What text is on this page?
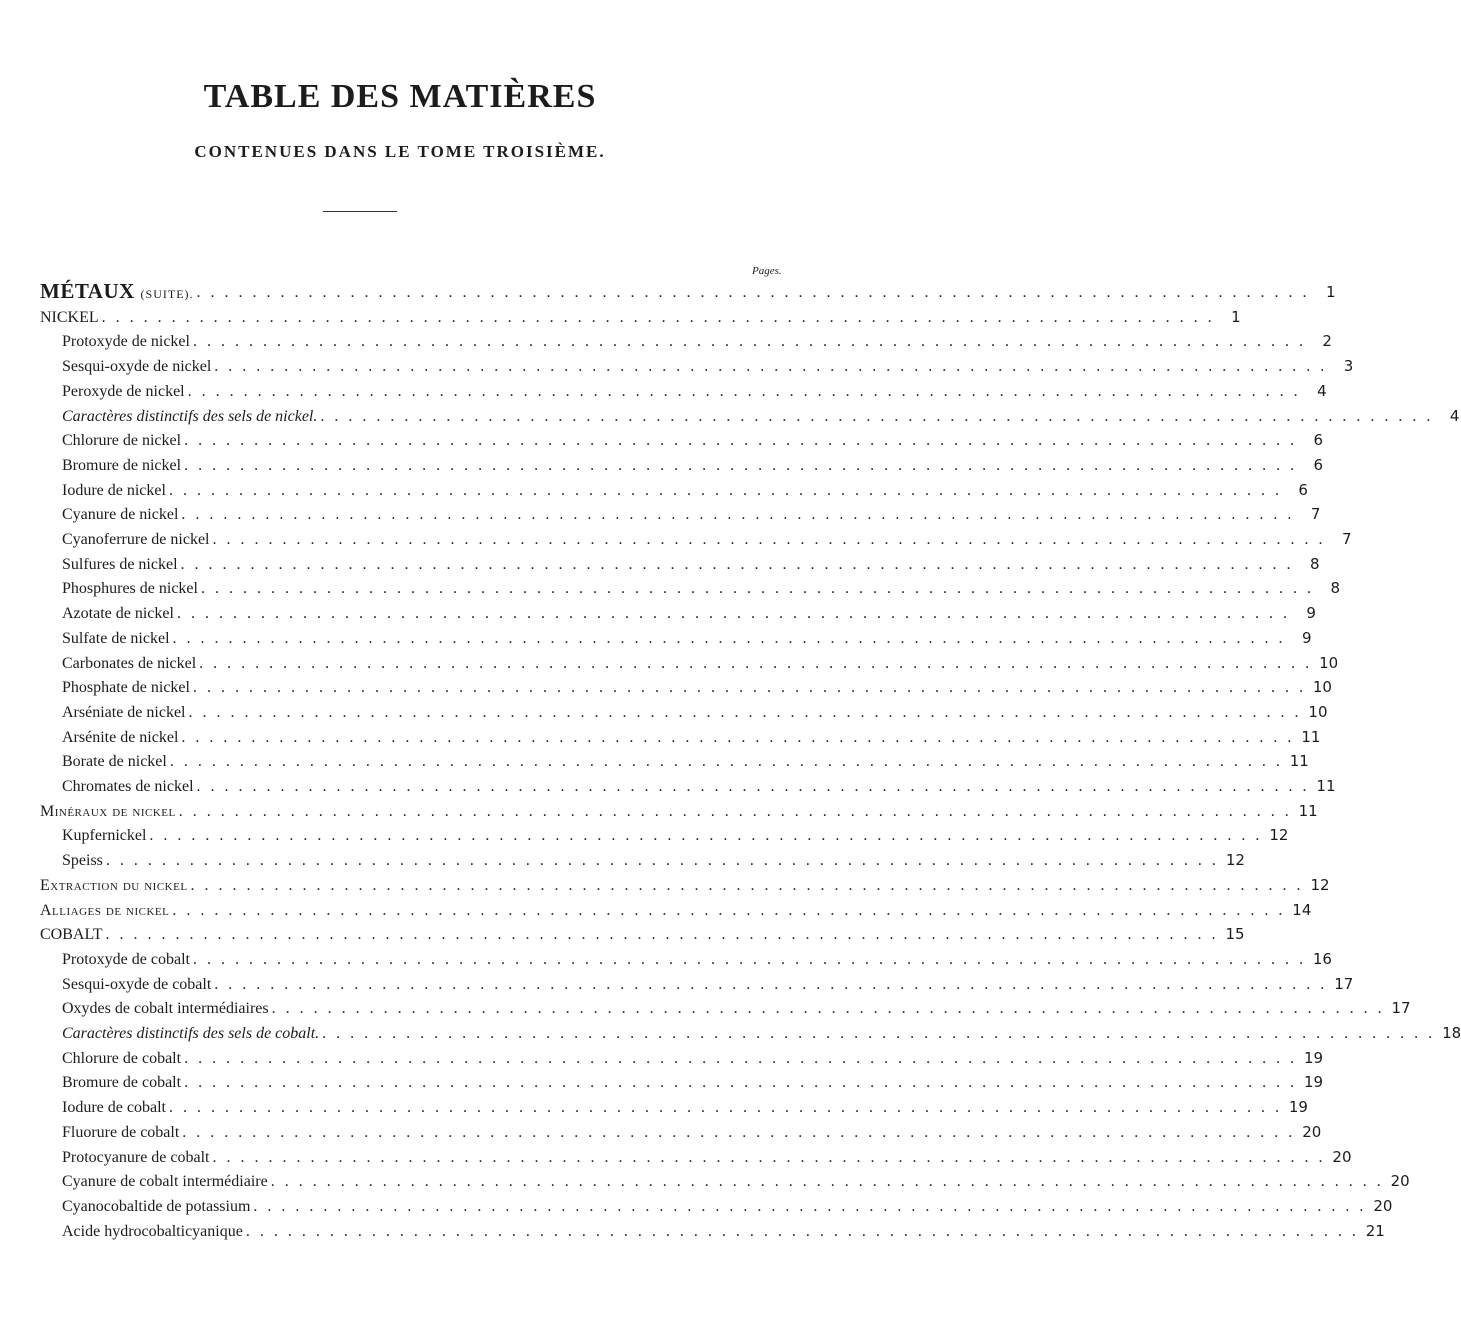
TABLE DES MATIÈRES
CONTENUES DANS LE TOME TROISIÈME.
Pages.
MÉTAUX (SUITE). . . . . . . . . . . . . . . . . . . . . . . . . . . . . . . . . . . . . . . . . . . . . . . . . . . . . . . . . . . . . . . . . . . . . . . . . . . . . . . . .	1
NICKEL . . . . . . . . . . . . . . . . . . . . . . . . . . . . . . . . . . . . . . . . . . . . . . . . . . . . . . . . . . . . . . . . . . . . . . . . . . . . . . . .	1
Protoxyde de nickel . . . . . . . . . . . . . . . . . . . . . . . . . . . . . . . . . . . . . . . . . . . . . . . . . . . . . . . . . . . . . . . . . . . . . . . . . . . . . . . .	2
Sesqui-oxyde de nickel . . . . . . . . . . . . . . . . . . . . . . . . . . . . . . . . . . . . . . . . . . . . . . . . . . . . . . . . . . . . . . . . . . . . . . . . . . . . . . . .	3
Peroxyde de nickel . . . . . . . . . . . . . . . . . . . . . . . . . . . . . . . . . . . . . . . . . . . . . . . . . . . . . . . . . . . . . . . . . . . . . . . . . . . . . . . .	4
Caractères distinctifs des sels de nickel. . . . . . . . . . . . . . . . . . . . . . . . . . . . . . . . . . . . . . . . . . . . . . . . . . . . . . . . . . . . . . . . . . . . . . . . . . . . . . . . .	4
Chlorure de nickel . . . . . . . . . . . . . . . . . . . . . . . . . . . . . . . . . . . . . . . . . . . . . . . . . . . . . . . . . . . . . . . . . . . . . . . . . . . . . . . .	6
Bromure de nickel . . . . . . . . . . . . . . . . . . . . . . . . . . . . . . . . . . . . . . . . . . . . . . . . . . . . . . . . . . . . . . . . . . . . . . . . . . . . . . . .	6
Iodure de nickel . . . . . . . . . . . . . . . . . . . . . . . . . . . . . . . . . . . . . . . . . . . . . . . . . . . . . . . . . . . . . . . . . . . . . . . . . . . . . . . .	6
Cyanure de nickel . . . . . . . . . . . . . . . . . . . . . . . . . . . . . . . . . . . . . . . . . . . . . . . . . . . . . . . . . . . . . . . . . . . . . . . . . . . . . . . .	7
Cyanoferrure de nickel . . . . . . . . . . . . . . . . . . . . . . . . . . . . . . . . . . . . . . . . . . . . . . . . . . . . . . . . . . . . . . . . . . . . . . . . . . . . . . . .	7
Sulfures de nickel . . . . . . . . . . . . . . . . . . . . . . . . . . . . . . . . . . . . . . . . . . . . . . . . . . . . . . . . . . . . . . . . . . . . . . . . . . . . . . . .	8
Phosphures de nickel . . . . . . . . . . . . . . . . . . . . . . . . . . . . . . . . . . . . . . . . . . . . . . . . . . . . . . . . . . . . . . . . . . . . . . . . . . . . . . . .	8
Azotate de nickel . . . . . . . . . . . . . . . . . . . . . . . . . . . . . . . . . . . . . . . . . . . . . . . . . . . . . . . . . . . . . . . . . . . . . . . . . . . . . . . .	9
Sulfate de nickel . . . . . . . . . . . . . . . . . . . . . . . . . . . . . . . . . . . . . . . . . . . . . . . . . . . . . . . . . . . . . . . . . . . . . . . . . . . . . . . .	9
Carbonates de nickel . . . . . . . . . . . . . . . . . . . . . . . . . . . . . . . . . . . . . . . . . . . . . . . . . . . . . . . . . . . . . . . . . . . . . . . . . . . . . . . . 10
Phosphate de nickel . . . . . . . . . . . . . . . . . . . . . . . . . . . . . . . . . . . . . . . . . . . . . . . . . . . . . . . . . . . . . . . . . . . . . . . . . . . . . . . . 10
Arséniate de nickel . . . . . . . . . . . . . . . . . . . . . . . . . . . . . . . . . . . . . . . . . . . . . . . . . . . . . . . . . . . . . . . . . . . . . . . . . . . . . . . . 10
Arsénite de nickel . . . . . . . . . . . . . . . . . . . . . . . . . . . . . . . . . . . . . . . . . . . . . . . . . . . . . . . . . . . . . . . . . . . . . . . . . . . . . . . . 11
Borate de nickel . . . . . . . . . . . . . . . . . . . . . . . . . . . . . . . . . . . . . . . . . . . . . . . . . . . . . . . . . . . . . . . . . . . . . . . . . . . . . . . . 11
Chromates de nickel . . . . . . . . . . . . . . . . . . . . . . . . . . . . . . . . . . . . . . . . . . . . . . . . . . . . . . . . . . . . . . . . . . . . . . . . . . . . . . . . 11
Minéraux de nickel . . . . . . . . . . . . . . . . . . . . . . . . . . . . . . . . . . . . . . . . . . . . . . . . . . . . . . . . . . . . . . . . . . . . . . . . . . . . . . . . 11
Kupfernickel . . . . . . . . . . . . . . . . . . . . . . . . . . . . . . . . . . . . . . . . . . . . . . . . . . . . . . . . . . . . . . . . . . . . . . . . . . . . . . . . 12
Speiss . . . . . . . . . . . . . . . . . . . . . . . . . . . . . . . . . . . . . . . . . . . . . . . . . . . . . . . . . . . . . . . . . . . . . . . . . . . . . . . . 12
Extraction du nickel . . . . . . . . . . . . . . . . . . . . . . . . . . . . . . . . . . . . . . . . . . . . . . . . . . . . . . . . . . . . . . . . . . . . . . . . . . . . . . . . 12
Alliages de nickel . . . . . . . . . . . . . . . . . . . . . . . . . . . . . . . . . . . . . . . . . . . . . . . . . . . . . . . . . . . . . . . . . . . . . . . . . . . . . . . . 14
COBALT . . . . . . . . . . . . . . . . . . . . . . . . . . . . . . . . . . . . . . . . . . . . . . . . . . . . . . . . . . . . . . . . . . . . . . . . . . . . . . . . 15
Protoxyde de cobalt . . . . . . . . . . . . . . . . . . . . . . . . . . . . . . . . . . . . . . . . . . . . . . . . . . . . . . . . . . . . . . . . . . . . . . . . . . . . . . . . 16
Sesqui-oxyde de cobalt . . . . . . . . . . . . . . . . . . . . . . . . . . . . . . . . . . . . . . . . . . . . . . . . . . . . . . . . . . . . . . . . . . . . . . . . . . . . . . . . 17
Oxydes de cobalt intermédiaires . . . . . . . . . . . . . . . . . . . . . . . . . . . . . . . . . . . . . . . . . . . . . . . . . . . . . . . . . . . . . . . . . . . . . . . . . . . . . . . . 17
Caractères distinctifs des sels de cobalt. . . . . . . . . . . . . . . . . . . . . . . . . . . . . . . . . . . . . . . . . . . . . . . . . . . . . . . . . . . . . . . . . . . . . . . . . . . . . . . . . 18
Chlorure de cobalt . . . . . . . . . . . . . . . . . . . . . . . . . . . . . . . . . . . . . . . . . . . . . . . . . . . . . . . . . . . . . . . . . . . . . . . . . . . . . . . . 19
Bromure de cobalt . . . . . . . . . . . . . . . . . . . . . . . . . . . . . . . . . . . . . . . . . . . . . . . . . . . . . . . . . . . . . . . . . . . . . . . . . . . . . . . . 19
Iodure de cobalt . . . . . . . . . . . . . . . . . . . . . . . . . . . . . . . . . . . . . . . . . . . . . . . . . . . . . . . . . . . . . . . . . . . . . . . . . . . . . . . . 19
Fluorure de cobalt . . . . . . . . . . . . . . . . . . . . . . . . . . . . . . . . . . . . . . . . . . . . . . . . . . . . . . . . . . . . . . . . . . . . . . . . . . . . . . . . 20
Protocyanure de cobalt . . . . . . . . . . . . . . . . . . . . . . . . . . . . . . . . . . . . . . . . . . . . . . . . . . . . . . . . . . . . . . . . . . . . . . . . . . . . . . . . 20
Cyanure de cobalt intermédiaire . . . . . . . . . . . . . . . . . . . . . . . . . . . . . . . . . . . . . . . . . . . . . . . . . . . . . . . . . . . . . . . . . . . . . . . . . . . . . . . . 20
Cyanocobaltide de potassium . . . . . . . . . . . . . . . . . . . . . . . . . . . . . . . . . . . . . . . . . . . . . . . . . . . . . . . . . . . . . . . . . . . . . . . . . . . . . . . . 20
Acide hydrocobalticyanique . . . . . . . . . . . . . . . . . . . . . . . . . . . . . . . . . . . . . . . . . . . . . . . . . . . . . . . . . . . . . . . . . . . . . . . . . . . . . . . . 21
